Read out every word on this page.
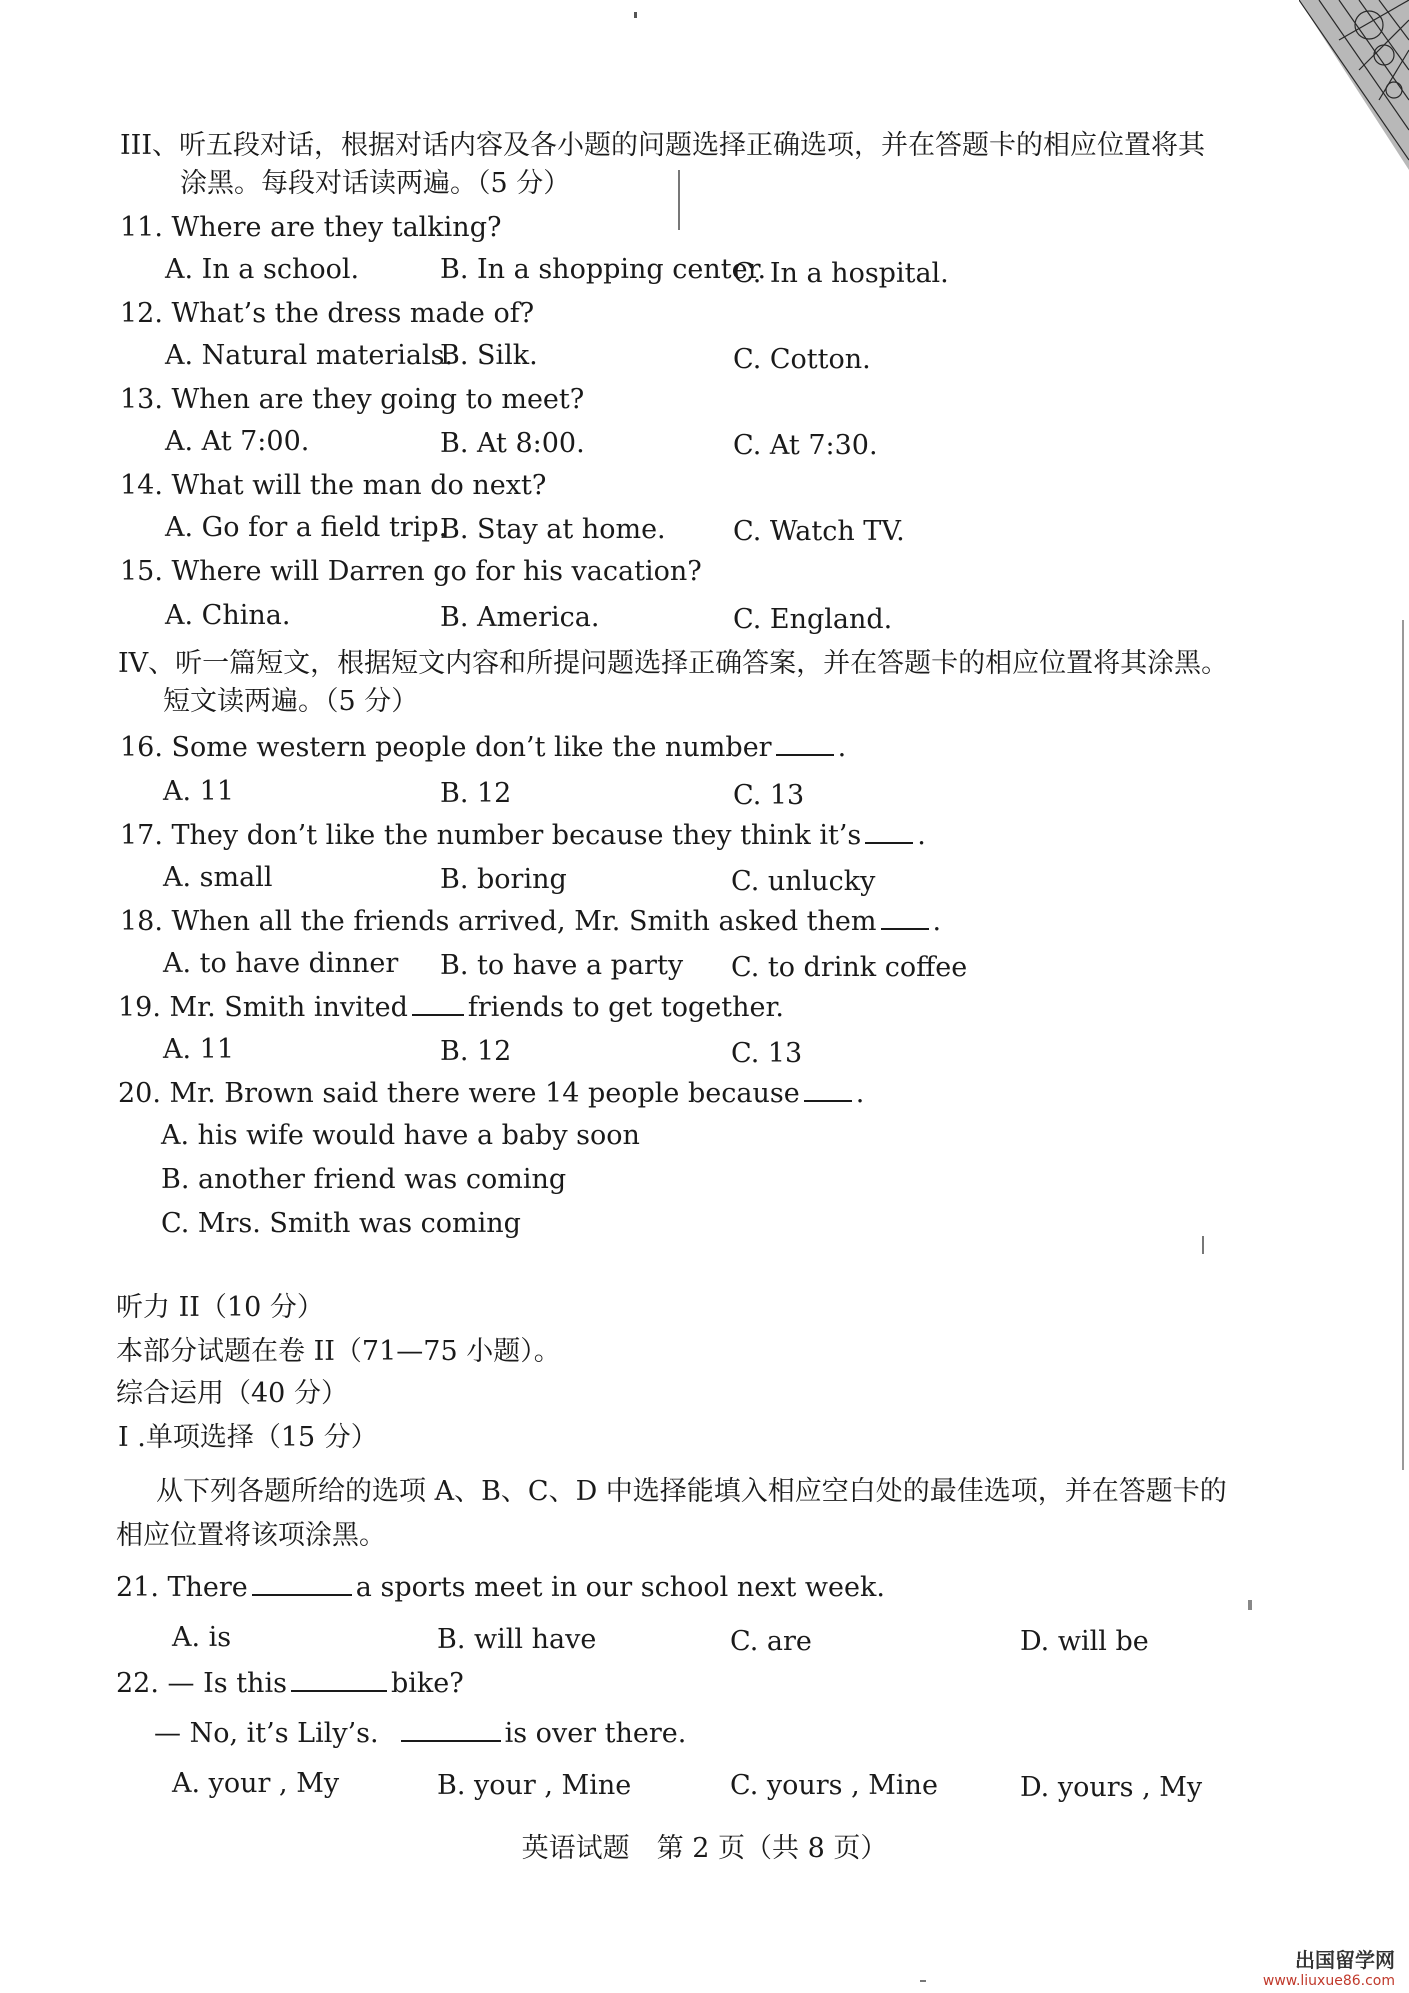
III、听五段对话，根据对话内容及各小题的问题选择正确选项，并在答题卡的相应位置将其
涂黑。每段对话读两遍。（5 分）
11. Where are they talking?
A. In a school.	B. In a shopping center.
C. In a hospital.
12. What’s the dress made of?
A. Natural materials.
B. Silk.	C. Cotton.
13. When are they going to meet?
A. At 7:00.	B. At 8:00.	C. At 7:30.
14. What will the man do next?
A. Go for a field trip.
B. Stay at home. C. Watch TV.
15. Where will Darren go for his vacation?
A. China.	B. America.	C. England.
IV、听一篇短文，根据短文内容和所提问题选择正确答案，并在答题卡的相应位置将其涂黑。
短文读两遍。（5 分）
16. Some western people don’t like the number .
A. 11	B. 12	C. 13
17. They don’t like the number because they think it’s .
A. small	B. boring	C. unlucky
18. When all the friends arrived, Mr. Smith asked them .
A. to have dinner B. to have a party C. to drink coffee
19. Mr. Smith invited friends to get together.
A. 11	B. 12	C. 13
20. Mr. Brown said there were 14 people because .
A. his wife would have a baby soon
B. another friend was coming
C. Mrs. Smith was coming
听力 II（10 分）
本部分试题在卷 II（71—75 小题）。
综合运用（40 分）
I .单项选择（15 分）
从下列各题所给的选项 A、B、C、D 中选择能填入相应空白处的最佳选项，并在答题卡的
相应位置将该项涂黑。
21. There	a sports meet in our school next week.
A. is	B. will have	C. are	D. will be
22. — Is this	bike?
— No, it’s Lily’s.	is over there.
A. your , My	B. your , Mine	C. yours , Mine	D. yours , My
英语试题　第 2 页（共 8 页）
出国留学网
www.liuxue86.com
